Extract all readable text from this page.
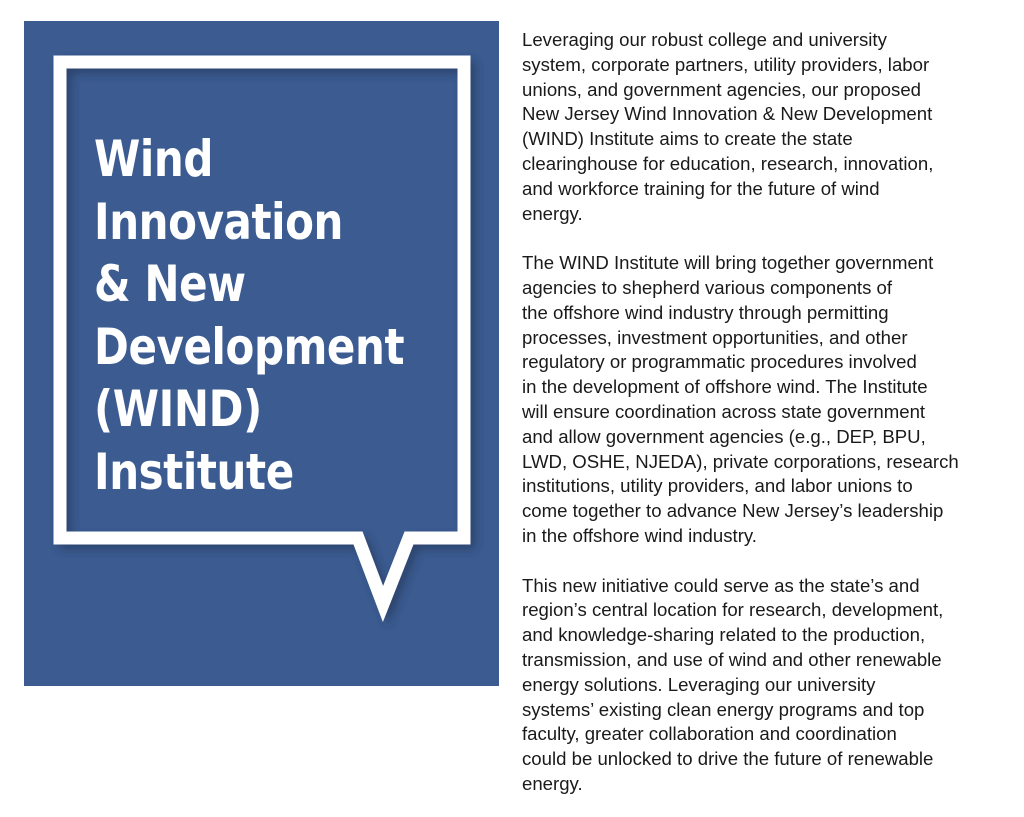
Wind
Innovation
& New
Development
(WIND)
Institute

Leveraging our robust college and university
system, corporate partners, utility providers, labor
unions, and government agencies, our proposed
New Jersey Wind Innovation & New Development
(WIND) Institute aims to create the state
clearinghouse for education, research, innovation,
and workforce training for the future of wind
energy.

The WIND Institute will bring together government
agencies to shepherd various components of
the offshore wind industry through permitting
processes, investment opportunities, and other
regulatory or programmatic procedures involved
in the development of offshore wind. The Institute
will ensure coordination across state government
and allow government agencies (e.g., DEP, BPU,
LWD, OSHE, NJEDA), private corporations, research
institutions, utility providers, and labor unions to
come together to advance New Jersey’s leadership
in the offshore wind industry.

This new initiative could serve as the state’s and
region’s central location for research, development,
and knowledge-sharing related to the production,
transmission, and use of wind and other renewable
energy solutions. Leveraging our university
systems’ existing clean energy programs and top
faculty, greater collaboration and coordination
could be unlocked to drive the future of renewable
energy.
